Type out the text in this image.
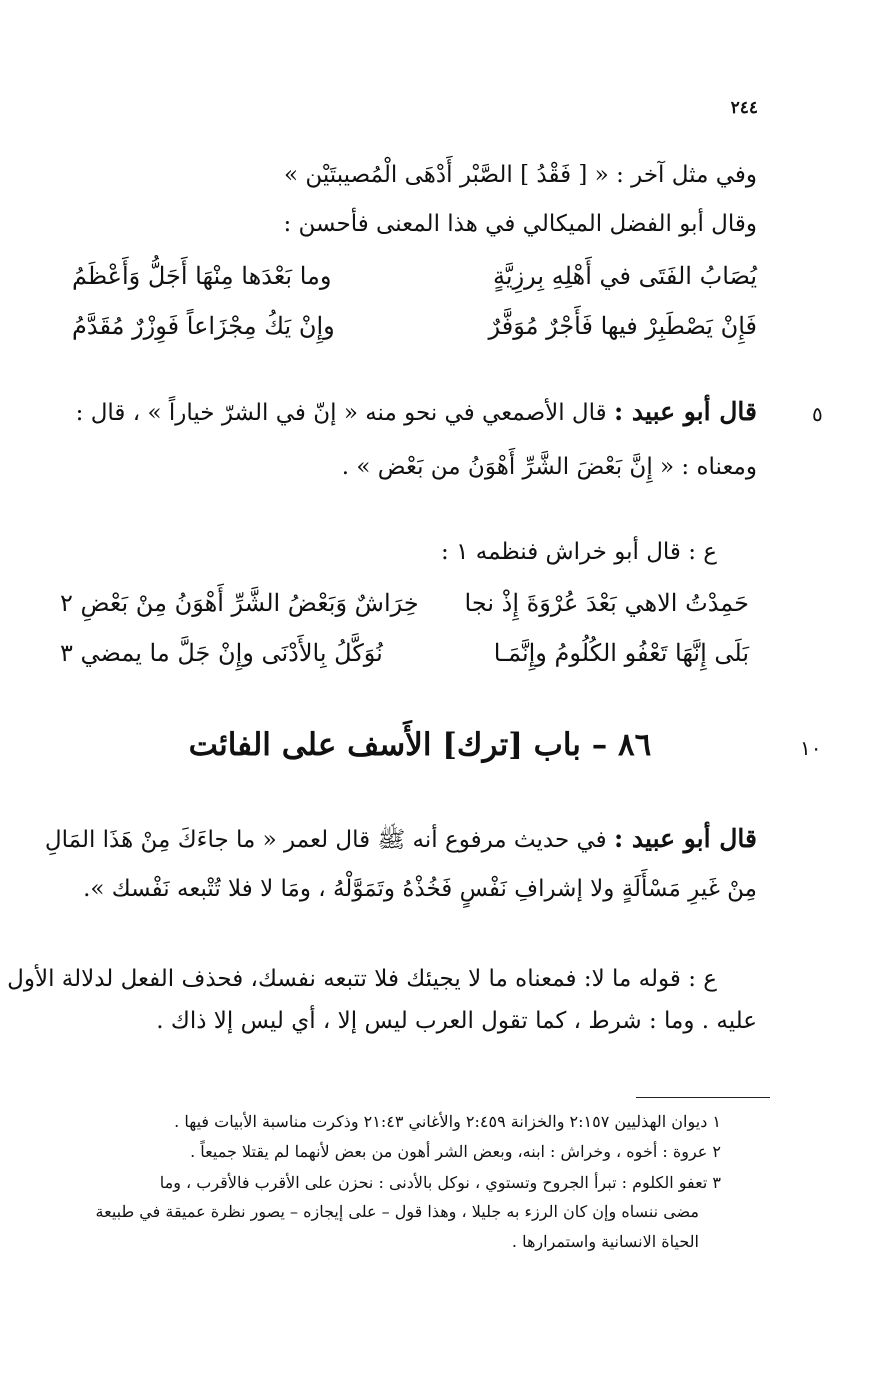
٢٤٤

وفي مثل آخر : « [ فَقْدُ ] الصَّبْر أَدْهَى الْمُصيبتَيْن »

وقال أبو الفضل الميكالي في هذا المعنى فأحسن :

يُصَابُ الفَتَى في أَهْلِهِ بِرزِيَّةٍ
وما بَعْدَها مِنْهَا أَجَلُّ وَأَعْظَمُ
فَإِنْ يَصْطَبِرْ فيها فَأَجْرٌ مُوَفَّرٌ
وإِنْ يَكُ مِجْزَاعاً فَوِزْرٌ مُقَدَّمُ
٥

قال أبو عبيد : قال الأصمعي في نحو منه « إنّ في الشرّ خياراً » ، قال :

ومعناه : « إِنَّ بَعْضَ الشَّرِّ أَهْوَنُ من بَعْض » .

ع : قال أبو خراش فنظمه ١ :

حَمِدْتُ الاهي بَعْدَ عُرْوَةَ إِذْ نجا
خِرَاشٌ وَبَعْضُ الشَّرِّ أَهْوَنُ مِنْ بَعْضِ ٢
بَلَى إِنَّهَا تَعْفُو الكُلُومُ وإِنَّمَـا
نُوَكَّلُ بِالأَدْنَى وإِنْ جَلَّ ما يمضي ٣
١٠
٨٦ – باب [ترك] الأَسف على الفائت

قال أبو عبيد : في حديث مرفوع أنه ﷺ قال لعمر « ما جاءَكَ مِنْ هَذَا المَالِ

مِنْ غَيرِ مَسْأَلَةٍ ولا إشرافِ نَفْسٍ فَخُذْهُ وتَمَوَّلْهُ ، ومَا لا فلا تُتْبعه نَفْسك ».

ع : قوله ما لا: فمعناه ما لا يجيئك فلا تتبعه نفسك، فحذف الفعل لدلالة الأول

عليه . وما : شرط ، كما تقول العرب ليس إلا ، أي ليس إلا ذاك .

١ ديوان الهذليين ٢:١٥٧ والخزانة ٢:٤٥٩ والأغاني ٢١:٤٣ وذكرت مناسبة الأبيات فيها .
٢ عروة : أخوه ، وخراش : ابنه، وبعض الشر أهون من بعض لأنهما لم يقتلا جميعاً .
٣ تعفو الكلوم : تبرأ الجروح وتستوي ، نوكل بالأدنى : نحزن على الأقرب فالأقرب ، وما
مضى ننساه وإن كان الرزء به جليلا ، وهذا قول – على إيجازه – يصور نظرة عميقة في طبيعة
الحياة الانسانية واستمرارها .
